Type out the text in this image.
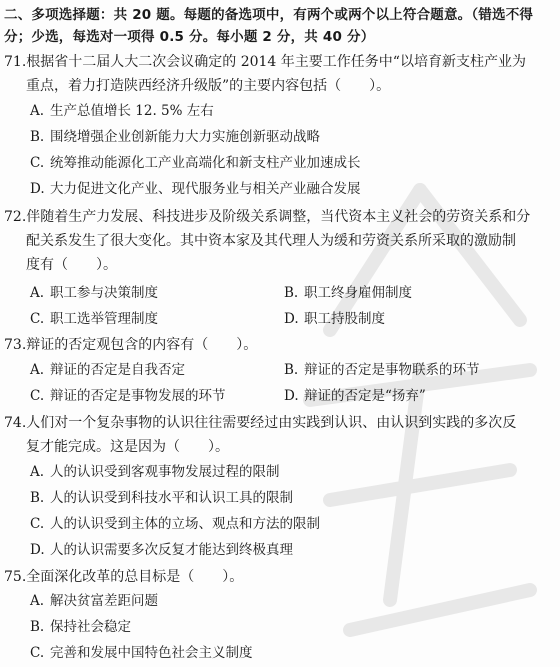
二、多项选择题：共 20 题。每题的备选项中，有两个或两个以上符合题意。（错选不得分；少选，每选对一项得 0.5 分。每小题 2 分，共 40 分）
71.根据省十二届人大二次会议确定的 2014 年主要工作任务中“以培育新支柱产业为
重点，着力打造陕西经济升级版”的主要内容包括（　　）。
A. 生产总值增长 12. 5% 左右
B. 围绕增强企业创新能力大力实施创新驱动战略
C. 统筹推动能源化工产业高端化和新支柱产业加速成长
D. 大力促进文化产业、现代服务业与相关产业融合发展
72.伴随着生产力发展、科技进步及阶级关系调整，当代资本主义社会的劳资关系和分
配关系发生了很大变化。其中资本家及其代理人为缓和劳资关系所采取的激励制
度有（　　）。
A. 职工参与决策制度	B. 职工终身雇佣制度
C. 职工选举管理制度	D. 职工持股制度
73.辩证的否定观包含的内容有（　　）。
A. 辩证的否定是自我否定	B. 辩证的否定是事物联系的环节
C. 辩证的否定是事物发展的环节	D. 辩证的否定是“扬弃”
74.人们对一个复杂事物的认识往往需要经过由实践到认识、由认识到实践的多次反
复才能完成。这是因为（　　）。
A. 人的认识受到客观事物发展过程的限制
B. 人的认识受到科技水平和认识工具的限制
C. 人的认识受到主体的立场、观点和方法的限制
D. 人的认识需要多次反复才能达到终极真理
75.全面深化改革的总目标是（　　）。
A. 解决贫富差距问题
B. 保持社会稳定
C. 完善和发展中国特色社会主义制度
